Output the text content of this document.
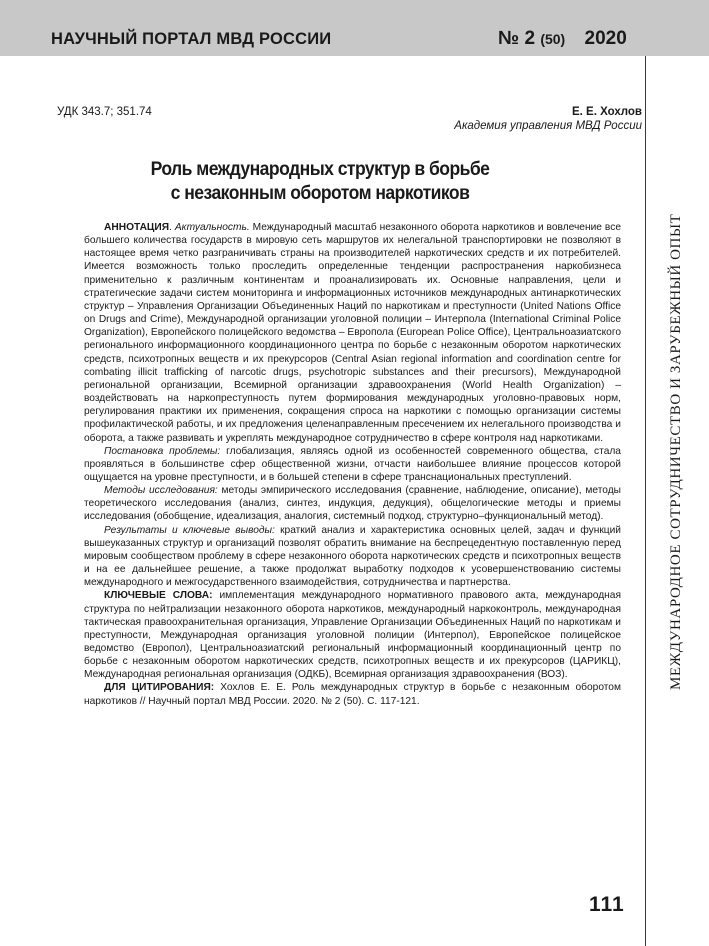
НАУЧНЫЙ ПОРТАЛ МВД РОССИИ	№ 2 (50) 2020
МЕЖДУНАРОДНОЕ СОТРУДНИЧЕСТВО И ЗАРУБЕЖНЫЙ ОПЫТ
УДК 343.7; 351.74	Е. Е. Хохлов
Академия управления МВД России
Роль международных структур в борьбе
с незаконным оборотом наркотиков

АННОТАЦИЯ. Актуальность. Международный масштаб незаконного оборота наркотиков и вовлечение все большего количества государств в мировую сеть маршрутов их нелегальной транспортировки не позволяют в настоящее время четко разграничивать страны на производителей наркотических средств и их потребителей. Имеется возможность только проследить определенные тенденции распространения наркобизнеса применительно к различным континентам и проанализировать их. Основные направления, цели и стратегические задачи систем мониторинга и информационных источников международных антинаркотических структур – Управления Организации Объединенных Наций по наркотикам и преступности (United Nations Office on Drugs and Crime), Международной организации уголовной полиции – Интерпола (International Criminal Police Organization), Европейского полицейского ведомства – Европола (European Police Office), Центральноазиатского регионального информационного координационного центра по борьбе с незаконным оборотом наркотических средств, психотропных веществ и их прекурсоров (Central Asian regional information and coordination centre for combating illicit trafficking of narcotic drugs, psychotropic substances and their precursors), Международной региональной организации, Всемирной организации здравоохранения (World Health Organization) – воздействовать на наркопреступность путем формирования международных уголовно-правовых норм, регулирования практики их применения, сокращения спроса на наркотики с помощью организации системы профилактической работы, и их предложения целенаправленным пресечением их нелегального производства и оборота, а также развивать и укреплять международное сотрудничество в сфере контроля над наркотиками.

Постановка проблемы: глобализация, являясь одной из особенностей современного общества, стала проявляться в большинстве сфер общественной жизни, отчасти наибольшее влияние процессов которой ощущается на уровне преступности, и в большей степени в сфере транснациональных преступлений.

Методы исследования: методы эмпирического исследования (сравнение, наблюдение, описание), методы теоретического исследования (анализ, синтез, индукция, дедукция), общелогические методы и приемы исследования (обобщение, идеализация, аналогия, системный подход, структурно–функциональный метод).

Результаты и ключевые выводы: краткий анализ и характеристика основных целей, задач и функций вышеуказанных структур и организаций позволят обратить внимание на беспрецедентную поставленную перед мировым сообществом проблему в сфере незаконного оборота наркотических средств и психотропных веществ и на ее дальнейшее решение, а также продолжат выработку подходов к усовершенствованию системы международного и межгосударственного взаимодействия, сотрудничества и партнерства.

КЛЮЧЕВЫЕ СЛОВА: имплементация международного нормативного правового акта, международная структура по нейтрализации незаконного оборота наркотиков, международный наркоконтроль, международная тактическая правоохранительная организация, Управление Организации Объединенных Наций по наркотикам и преступности, Международная организация уголовной полиции (Интерпол), Европейское полицейское ведомство (Европол), Центральноазиатский региональный информационный координационный центр по борьбе с незаконным оборотом наркотических средств, психотропных веществ и их прекурсоров (ЦАРИКЦ), Международная региональная организация (ОДКБ), Всемирная организация здравоохранения (ВОЗ).

ДЛЯ ЦИТИРОВАНИЯ: Хохлов Е. Е. Роль международных структур в борьбе с незаконным оборотом наркотиков // Научный портал МВД России. 2020. № 2 (50). С. 117-121.

111
